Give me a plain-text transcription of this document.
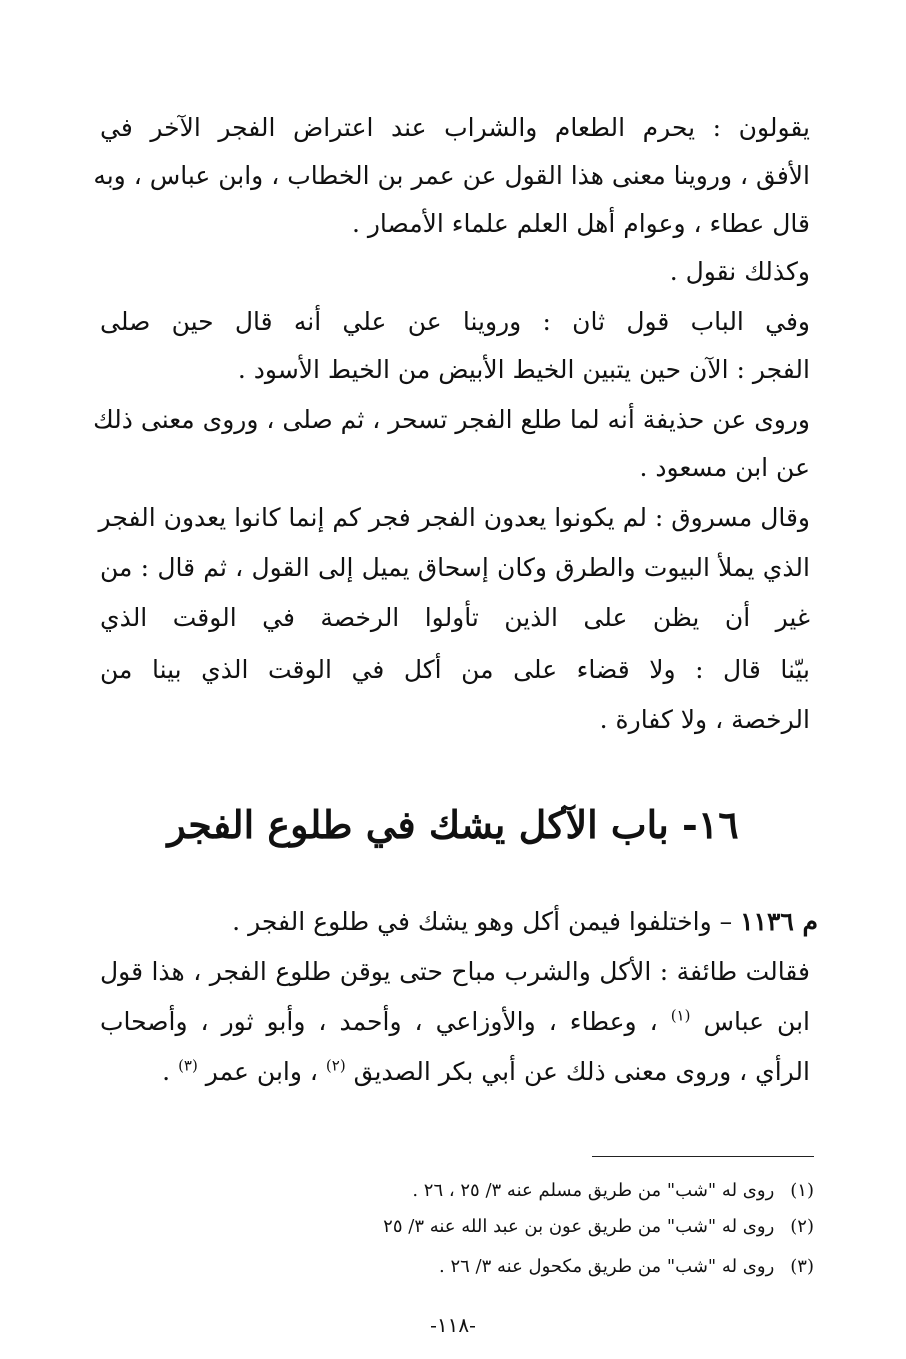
يقولون : يحرم الطعام والشراب عند اعتراض الفجر الآخر في
الأفق ، وروينا معنى هذا القول عن عمر بن الخطاب ، وابن عباس ، وبه
قال عطاء ، وعوام أهل العلم علماء الأمصار .
وكذلك نقول .
وفي الباب قول ثان : وروينا عن علي أنه قال حين صلى
الفجر : الآن حين يتبين الخيط الأبيض من الخيط الأسود .
وروى عن حذيفة أنه لما طلع الفجر تسحر ، ثم صلى ، وروى معنى ذلك
عن ابن مسعود .
وقال مسروق : لم يكونوا يعدون الفجر فجر كم إنما كانوا يعدون الفجر
الذي يملأ البيوت والطرق وكان إسحاق يميل إلى القول ، ثم قال : من
غير أن يظن على الذين تأولوا الرخصة في الوقت الذي
بيّنا قال : ولا قضاء على من أكل في الوقت الذي بينا من
الرخصة ، ولا كفارة .
١٦- باب الآكل يشك في طلوع الفجر
م ١١٣٦ – واختلفوا فيمن أكل وهو يشك في طلوع الفجر .
فقالت طائفة : الأكل والشرب مباح حتى يوقن طلوع الفجر ، هذا قول
ابن عباس $^{(١)}$ ، وعطاء ، والأوزاعي ، وأحمد ، وأبو ثور ، وأصحاب
الرأي ، وروى معنى ذلك عن أبي بكر الصديق $^{(٢)}$ ، وابن عمر $^{(٣)}$ .
(١) روى له "شب" من طريق مسلم عنه ٣/ ٢٥ ، ٢٦ .
(٢) روى له "شب" من طريق عون بن عبد الله عنه ٣/ ٢٥
(٣) روى له "شب" من طريق مكحول عنه ٣/ ٢٦ .
-١١٨-
